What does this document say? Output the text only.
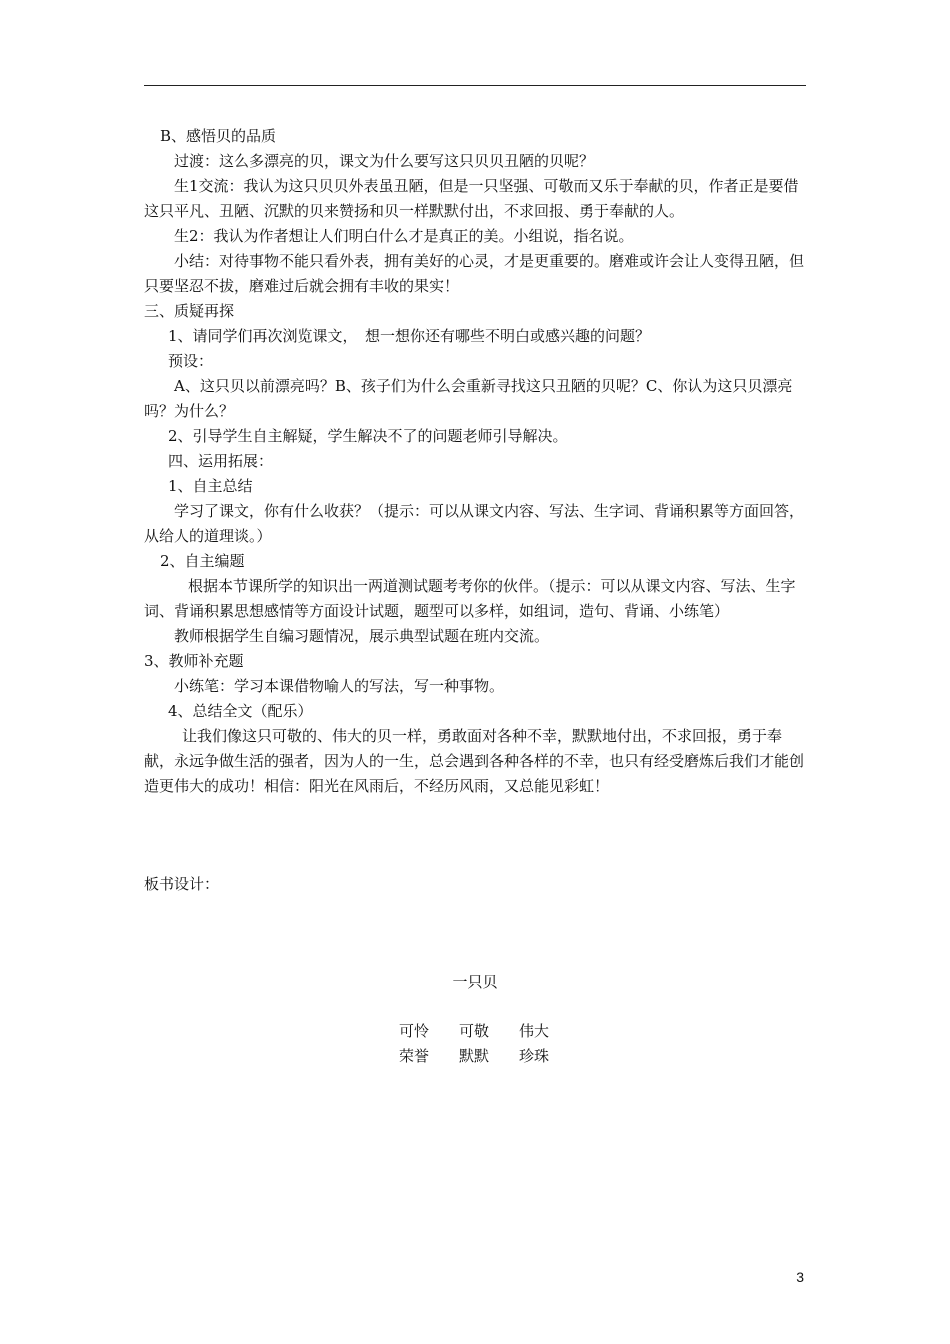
B、感悟贝的品质

过渡：这么多漂亮的贝，课文为什么要写这只贝贝丑陋的贝呢？

生1交流：我认为这只贝贝外表虽丑陋，但是一只坚强、可敬而又乐于奉献的贝，作者正是要借这只平凡、丑陋、沉默的贝来赞扬和贝一样默默付出，不求回报、勇于奉献的人。

生2：我认为作者想让人们明白什么才是真正的美。小组说，指名说。

小结：对待事物不能只看外表，拥有美好的心灵，才是更重要的。磨难或许会让人变得丑陋，但只要坚忍不拔，磨难过后就会拥有丰收的果实！

三、质疑再探

1、请同学们再次浏览课文，　想一想你还有哪些不明白或感兴趣的问题？

预设：

A、这只贝以前漂亮吗？B、孩子们为什么会重新寻找这只丑陋的贝呢？C、你认为这只贝漂亮吗？为什么？

2、引导学生自主解疑，学生解决不了的问题老师引导解决。

四、运用拓展：

1、自主总结

学习了课文，你有什么收获？（提示：可以从课文内容、写法、生字词、背诵积累等方面回答，从给人的道理谈。）

2、自主编题

根据本节课所学的知识出一两道测试题考考你的伙伴。（提示：可以从课文内容、写法、生字词、背诵积累思想感情等方面设计试题，题型可以多样，如组词，造句、背诵、小练笔）

教师根据学生自编习题情况，展示典型试题在班内交流。

3、教师补充题

小练笔：学习本课借物喻人的写法，写一种事物。

4、总结全文（配乐）

让我们像这只可敬的、伟大的贝一样，勇敢面对各种不幸，默默地付出，不求回报，勇于奉献，永远争做生活的强者，因为人的一生，总会遇到各种各样的不幸，也只有经受磨炼后我们才能创造更伟大的成功！相信：阳光在风雨后，不经历风雨，又总能见彩虹！

板书设计：

一只贝

可怜	可敬	伟大
荣誉	默默	珍珠

3
